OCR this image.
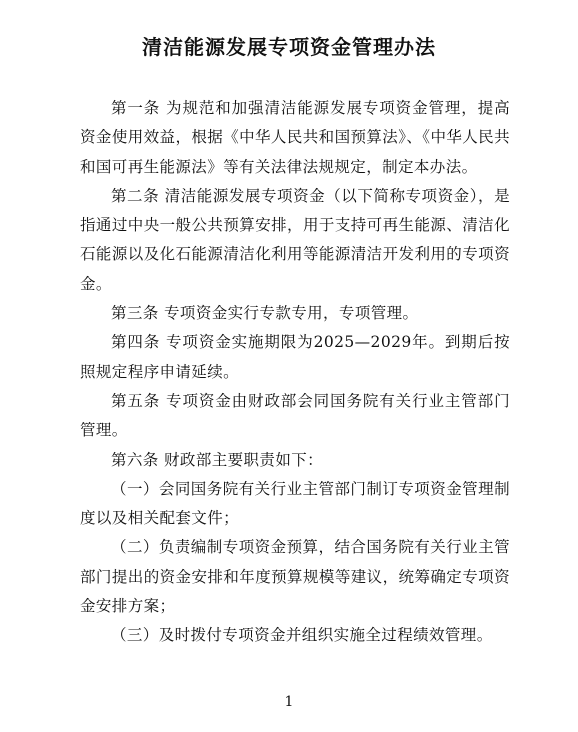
清洁能源发展专项资金管理办法

第一条 为规范和加强清洁能源发展专项资金管理，提高资金使用效益，根据《中华人民共和国预算法》、《中华人民共和国可再生能源法》等有关法律法规规定，制定本办法。

第二条 清洁能源发展专项资金（以下简称专项资金），是指通过中央一般公共预算安排，用于支持可再生能源、清洁化石能源以及化石能源清洁化利用等能源清洁开发利用的专项资金。

第三条 专项资金实行专款专用，专项管理。

第四条 专项资金实施期限为2025—2029年。到期后按照规定程序申请延续。

第五条 专项资金由财政部会同国务院有关行业主管部门管理。

第六条 财政部主要职责如下：

（一）会同国务院有关行业主管部门制订专项资金管理制度以及相关配套文件；

（二）负责编制专项资金预算，结合国务院有关行业主管部门提出的资金安排和年度预算规模等建议，统筹确定专项资金安排方案；

（三）及时拨付专项资金并组织实施全过程绩效管理。

1
